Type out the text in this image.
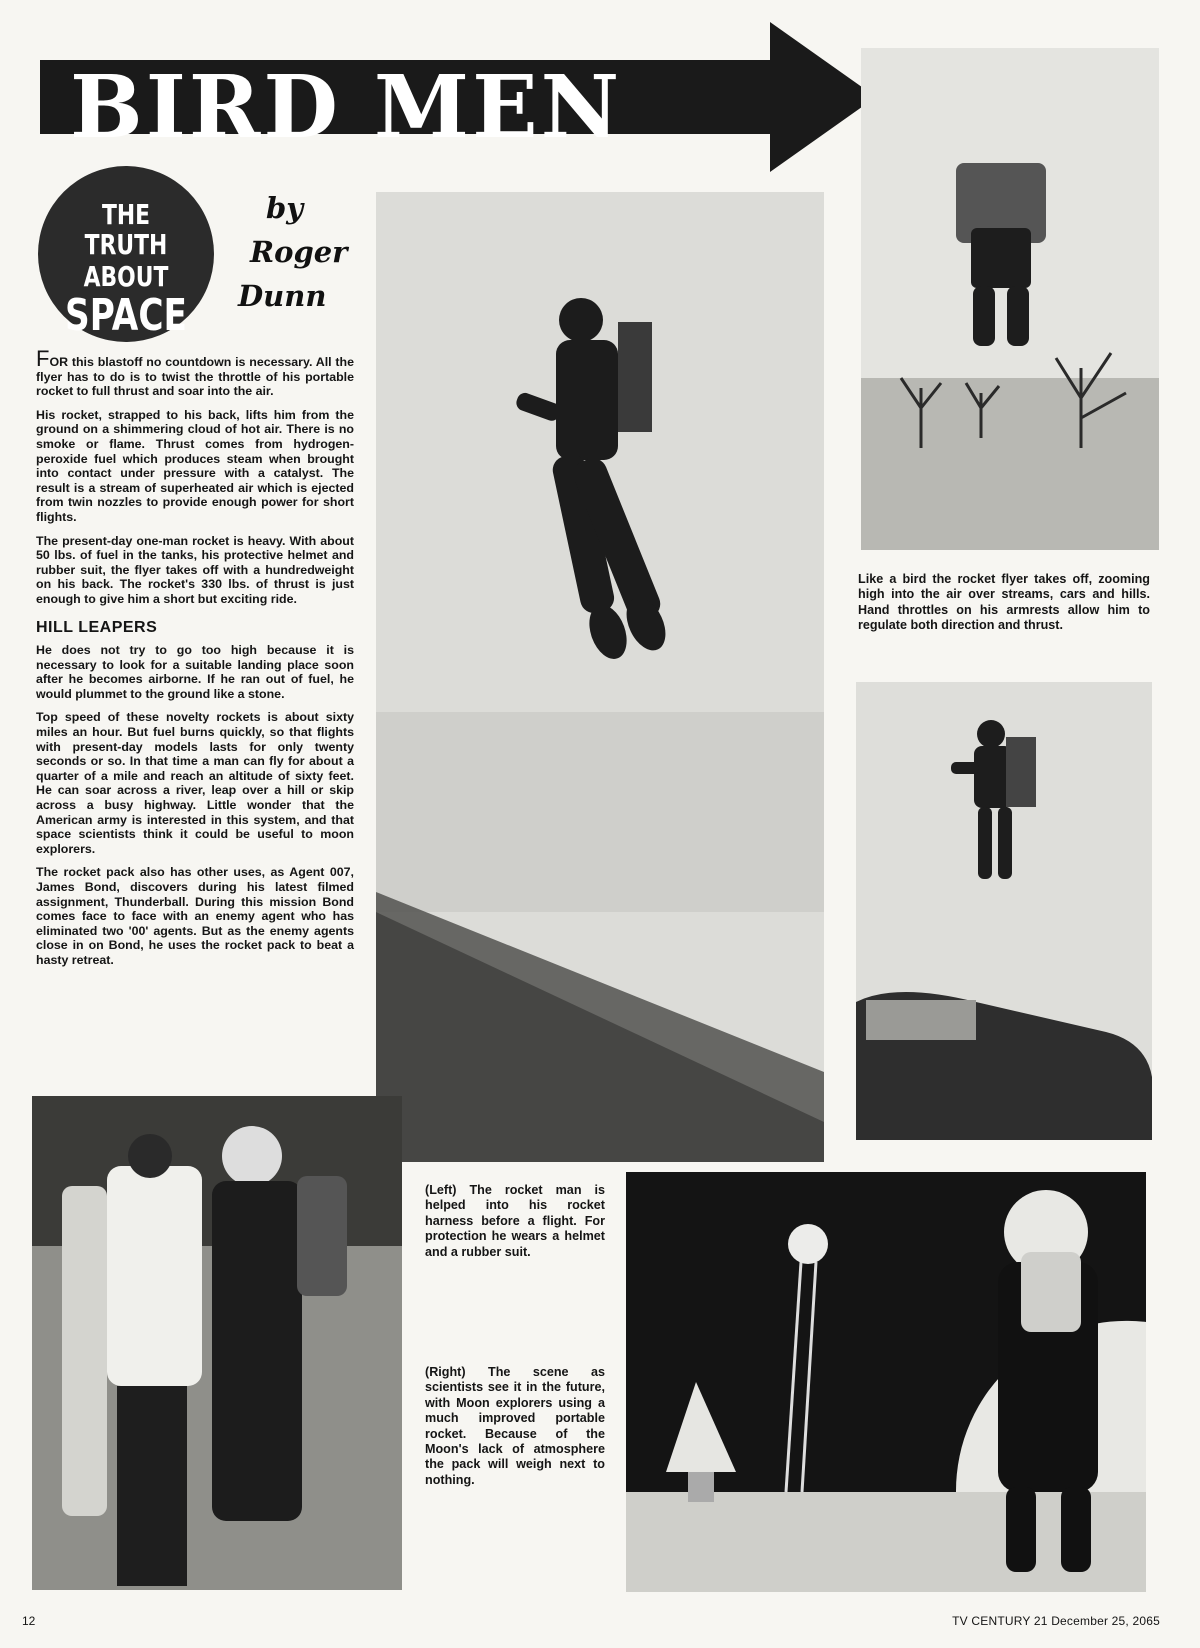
BIRD MEN
THE TRUTH
ABOUT
SPACE
by
Roger
Dunn

FOR this blastoff no countdown is necessary. All the flyer has to do is to twist the throttle of his portable rocket to full thrust and soar into the air.

His rocket, strapped to his back, lifts him from the ground on a shimmering cloud of hot air. There is no smoke or flame. Thrust comes from hydrogen-peroxide fuel which produces steam when brought into contact under pressure with a catalyst. The result is a stream of superheated air which is ejected from twin nozzles to provide enough power for short flights.

The present-day one-man rocket is heavy. With about 50 lbs. of fuel in the tanks, his protective helmet and rubber suit, the flyer takes off with a hundredweight on his back. The rocket's 330 lbs. of thrust is just enough to give him a short but exciting ride.

HILL LEAPERS

He does not try to go too high because it is necessary to look for a suitable landing place soon after he becomes airborne. If he ran out of fuel, he would plummet to the ground like a stone.

Top speed of these novelty rockets is about sixty miles an hour. But fuel burns quickly, so that flights with present-day models lasts for only twenty seconds or so. In that time a man can fly for about a quarter of a mile and reach an altitude of sixty feet. He can soar across a river, leap over a hill or skip across a busy highway. Little wonder that the American army is interested in this system, and that space scientists think it could be useful to moon explorers.

The rocket pack also has other uses, as Agent 007, James Bond, discovers during his latest filmed assignment, Thunderball. During this mission Bond comes face to face with an enemy agent who has eliminated two '00' agents. But as the enemy agents close in on Bond, he uses the rocket pack to beat a hasty retreat.

Like a bird the rocket flyer takes off, zooming high into the air over streams, cars and hills. Hand throttles on his armrests allow him to regulate both direction and thrust.
(Left) The rocket man is helped into his rocket harness before a flight. For protection he wears a helmet and a rubber suit.
(Right) The scene as scientists see it in the future, with Moon explorers using a much improved portable rocket. Because of the Moon's lack of atmosphere the pack will weigh next to nothing.
12	TV CENTURY 21 December 25, 2065
